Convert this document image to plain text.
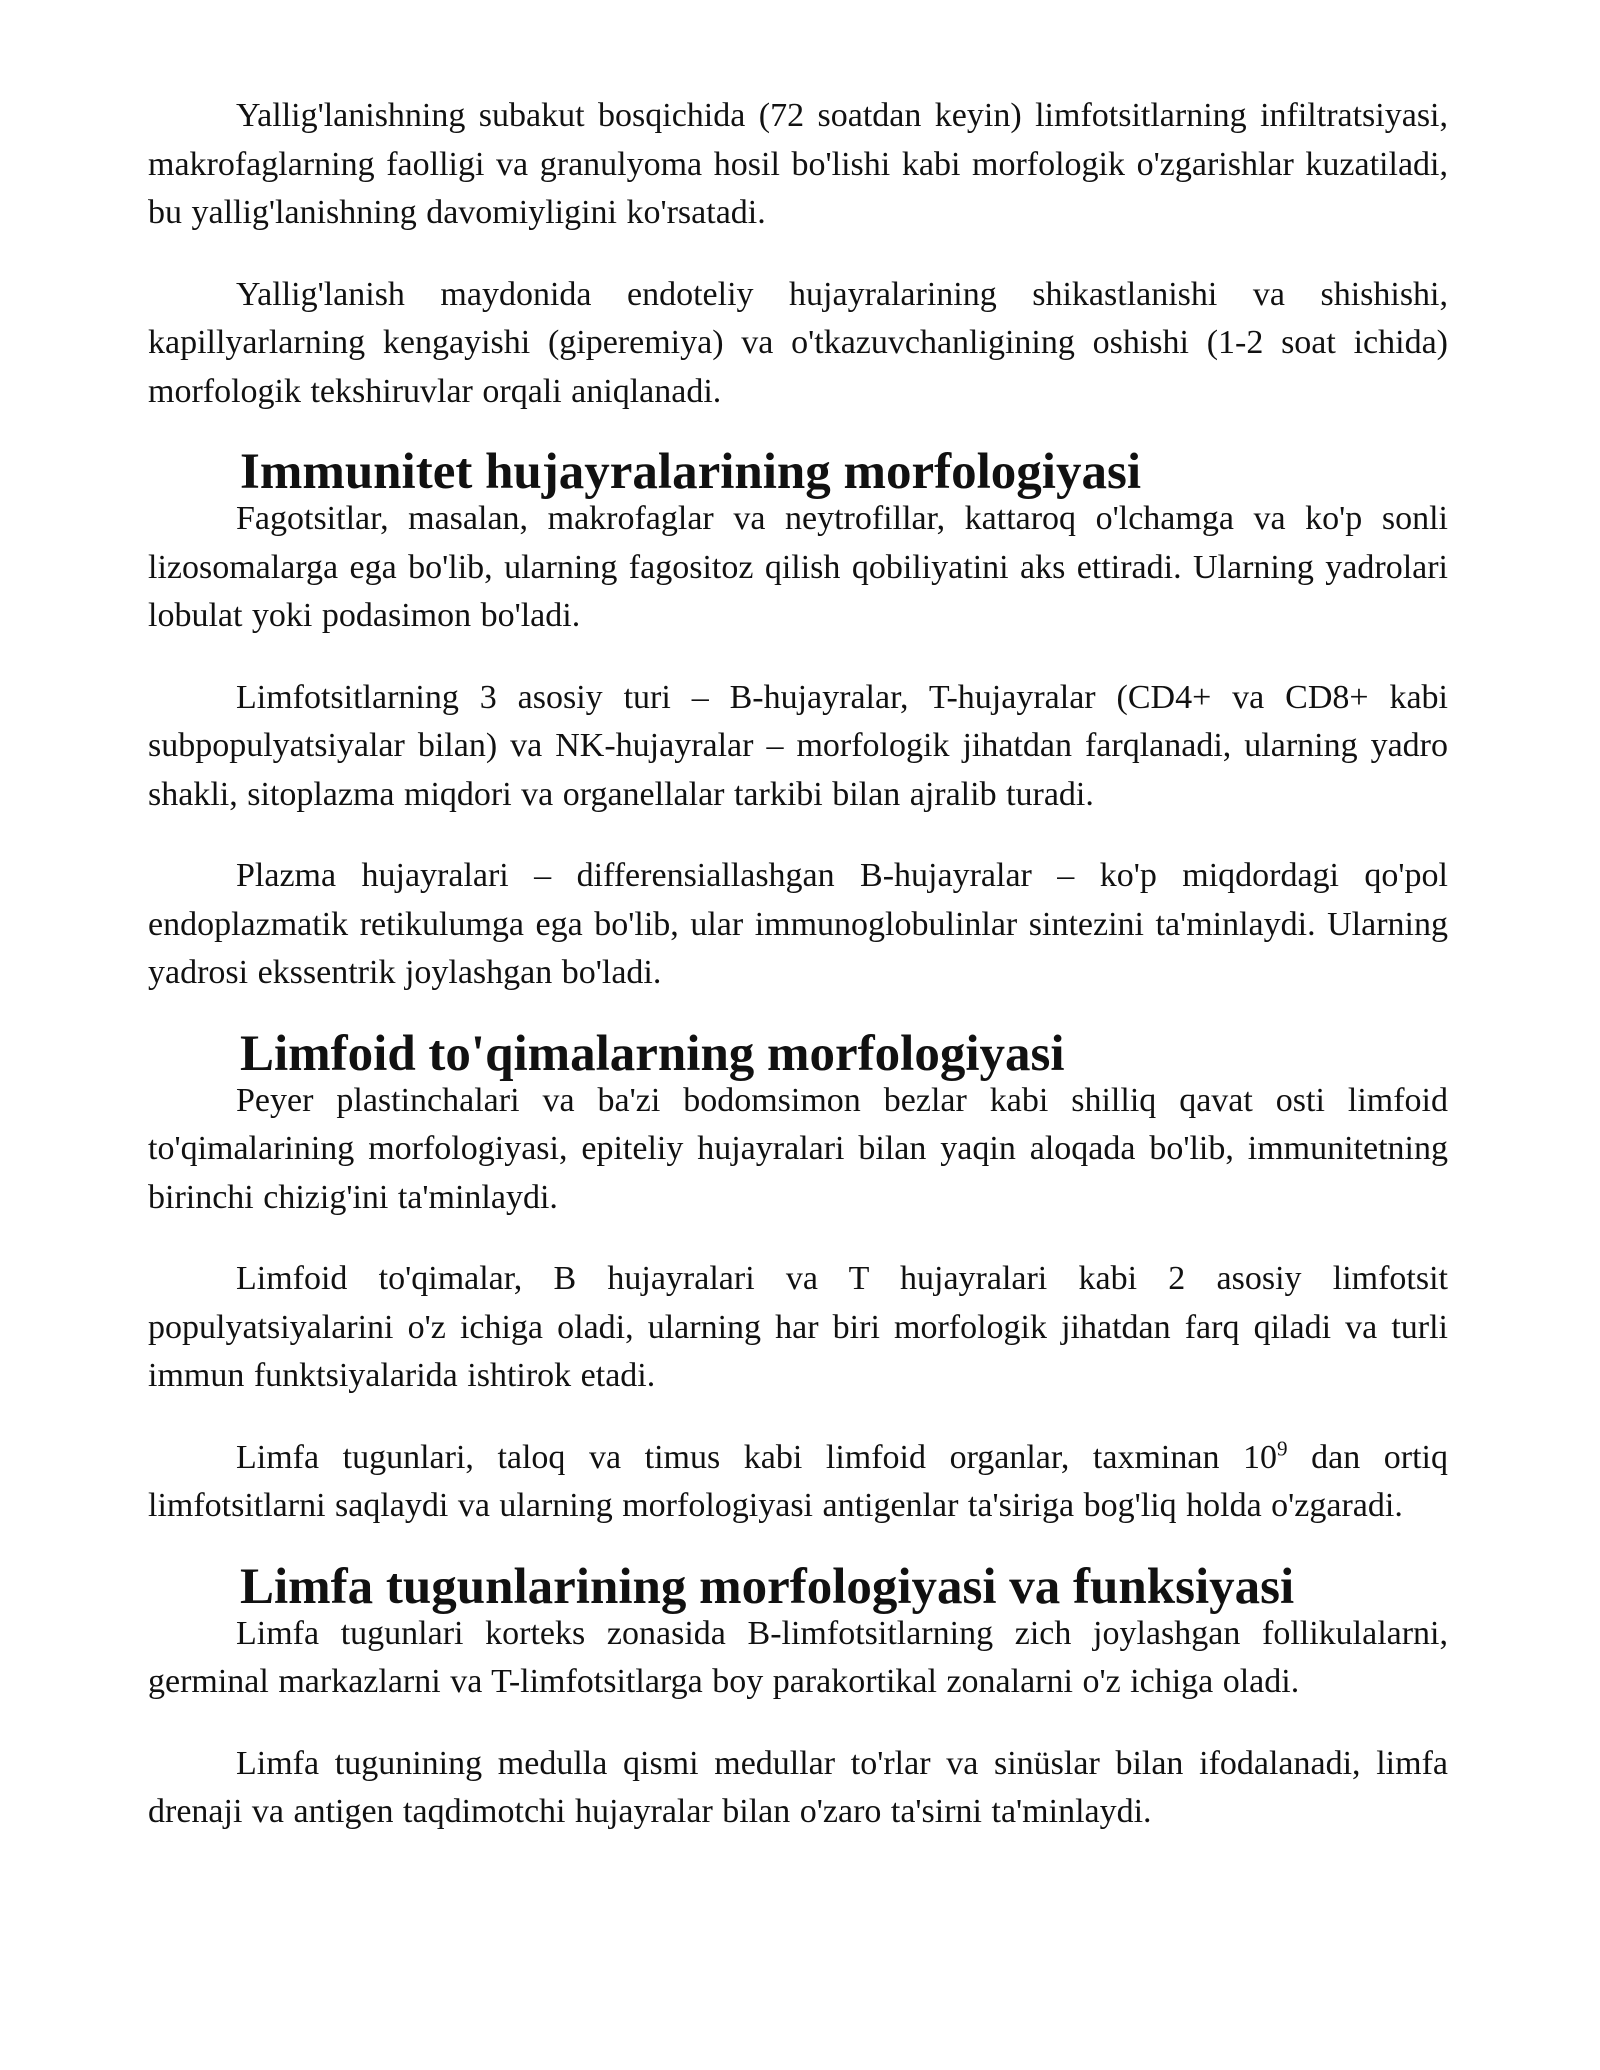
Yallig'lanishning subakut bosqichida (72 soatdan keyin) limfotsitlarning infiltratsiyasi, makrofaglarning faolligi va granulyoma hosil bo'lishi kabi morfologik o'zgarishlar kuzatiladi, bu yallig'lanishning davomiyligini ko'rsatadi.

Yallig'lanish maydonida endoteliy hujayralarining shikastlanishi va shishishi, kapillyarlarning kengayishi (giperemiya) va o'tkazuvchanligining oshishi (1-2 soat ichida) morfologik tekshiruvlar orqali aniqlanadi.

Immunitet hujayralarining morfologiyasi

Fagotsitlar, masalan, makrofaglar va neytrofillar, kattaroq o'lchamga va ko'p sonli lizosomalarga ega bo'lib, ularning fagositoz qilish qobiliyatini aks ettiradi. Ularning yadrolari lobulat yoki podasimon bo'ladi.

Limfotsitlarning 3 asosiy turi – B-hujayralar, T-hujayralar (CD4+ va CD8+ kabi subpopulyatsiyalar bilan) va NK-hujayralar – morfologik jihatdan farqlanadi, ularning yadro shakli, sitoplazma miqdori va organellalar tarkibi bilan ajralib turadi.

Plazma hujayralari – differensiallashgan B-hujayralar – ko'p miqdordagi qo'pol endoplazmatik retikulumga ega bo'lib, ular immunoglobulinlar sintezini ta'minlaydi. Ularning yadrosi ekssentrik joylashgan bo'ladi.

Limfoid to'qimalarning morfologiyasi

Peyer plastinchalari va ba'zi bodomsimon bezlar kabi shilliq qavat osti limfoid to'qimalarining morfologiyasi, epiteliy hujayralari bilan yaqin aloqada bo'lib, immunitetning birinchi chizig'ini ta'minlaydi.

Limfoid to'qimalar, B hujayralari va T hujayralari kabi 2 asosiy limfotsit populyatsiyalarini o'z ichiga oladi, ularning har biri morfologik jihatdan farq qiladi va turli immun funktsiyalarida ishtirok etadi.

Limfa tugunlari, taloq va timus kabi limfoid organlar, taxminan $10^9$ dan ortiq limfotsitlarni saqlaydi va ularning morfologiyasi antigenlar ta'siriga bog'liq holda o'zgaradi.

Limfa tugunlarining morfologiyasi va funksiyasi

Limfa tugunlari korteks zonasida B-limfotsitlarning zich joylashgan follikulalarni, germinal markazlarni va T-limfotsitlarga boy parakortikal zonalarni o'z ichiga oladi.

Limfa tugunining medulla qismi medullar to'rlar va sinüslar bilan ifodalanadi, limfa drenaji va antigen taqdimotchi hujayralar bilan o'zaro ta'sirni ta'minlaydi.
